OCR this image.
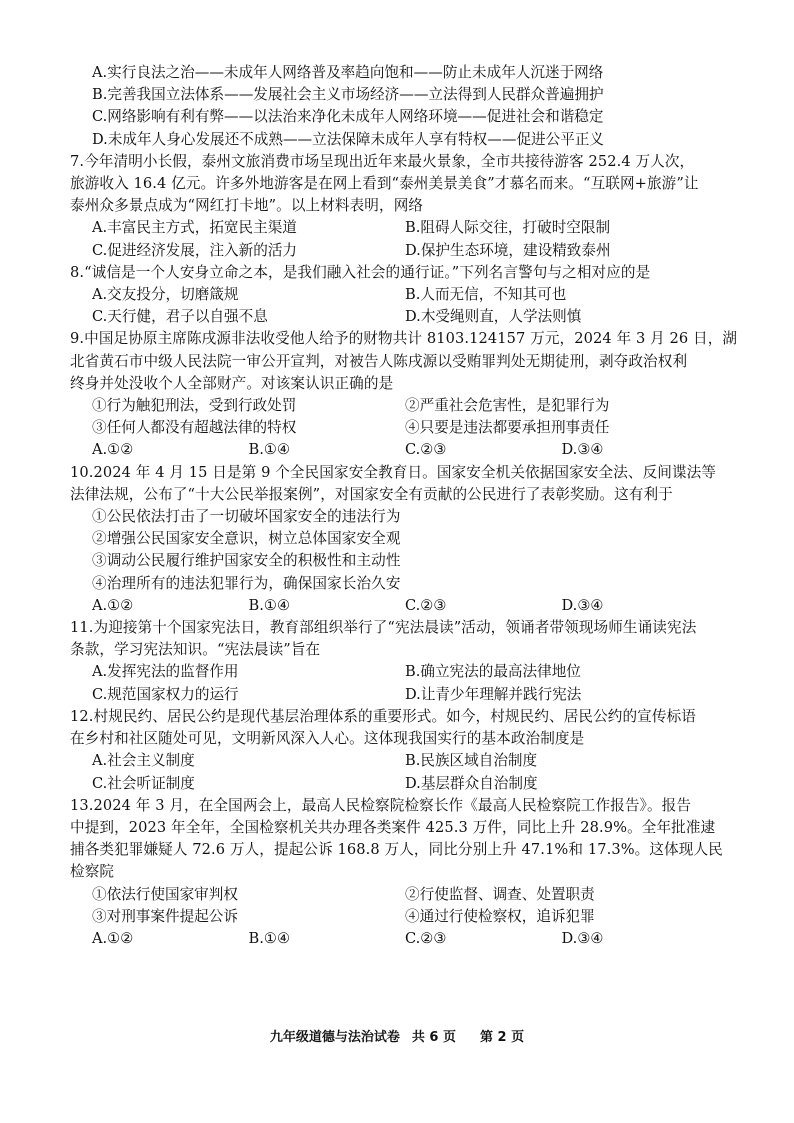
A.实行良法之治——未成年人网络普及率趋向饱和——防止未成年人沉迷于网络
B.完善我国立法体系——发展社会主义市场经济——立法得到人民群众普遍拥护
C.网络影响有利有弊——以法治来净化未成年人网络环境——促进社会和谐稳定
D.未成年人身心发展还不成熟——立法保障未成年人享有特权——促进公平正义
7.今年清明小长假，泰州文旅消费市场呈现出近年来最火景象，全市共接待游客 252.4 万人次，
旅游收入 16.4 亿元。许多外地游客是在网上看到“泰州美景美食”才慕名而来。“互联网+旅游”让
泰州众多景点成为“网红打卡地”。以上材料表明，网络
A.丰富民主方式，拓宽民主渠道	B.阻碍人际交往，打破时空限制
C.促进经济发展，注入新的活力	D.保护生态环境，建设精致泰州
8.“诚信是一个人安身立命之本，是我们融入社会的通行证。”下列名言警句与之相对应的是
A.交友投分，切磨箴规	B.人而无信，不知其可也
C.天行健，君子以自强不息	D.木受绳则直，人学法则慎
9.中国足协原主席陈戌源非法收受他人给予的财物共计 8103.124157 万元，2024 年 3 月 26 日，湖
北省黄石市中级人民法院一审公开宣判，对被告人陈戌源以受贿罪判处无期徒刑，剥夺政治权利
终身并处没收个人全部财产。对该案认识正确的是
①行为触犯刑法，受到行政处罚	②严重社会危害性，是犯罪行为
③任何人都没有超越法律的特权	④只要是违法都要承担刑事责任
A.①②	B.①④	C.②③	D.③④
10.2024 年 4 月 15 日是第 9 个全民国家安全教育日。国家安全机关依据国家安全法、反间谍法等
法律法规，公布了“十大公民举报案例”，对国家安全有贡献的公民进行了表彰奖励。这有利于
①公民依法打击了一切破坏国家安全的违法行为
②增强公民国家安全意识，树立总体国家安全观
③调动公民履行维护国家安全的积极性和主动性
④治理所有的违法犯罪行为，确保国家长治久安
A.①②	B.①④	C.②③	D.③④
11.为迎接第十个国家宪法日，教育部组织举行了“宪法晨读”活动，领诵者带领现场师生诵读宪法
条款，学习宪法知识。“宪法晨读”旨在
A.发挥宪法的监督作用	B.确立宪法的最高法律地位
C.规范国家权力的运行	D.让青少年理解并践行宪法
12.村规民约、居民公约是现代基层治理体系的重要形式。如今，村规民约、居民公约的宣传标语
在乡村和社区随处可见，文明新风深入人心。这体现我国实行的基本政治制度是
A.社会主义制度	B.民族区域自治制度
C.社会听证制度	D.基层群众自治制度
13.2024 年 3 月，在全国两会上，最高人民检察院检察长作《最高人民检察院工作报告》。报告
中提到，2023 年全年，全国检察机关共办理各类案件 425.3 万件，同比上升 28.9%。全年批准逮
捕各类犯罪嫌疑人 72.6 万人，提起公诉 168.8 万人，同比分别上升 47.1%和 17.3%。这体现人民
检察院
①依法行使国家审判权	②行使监督、调查、处置职责
③对刑事案件提起公诉	④通过行使检察权，追诉犯罪
A.①②	B.①④	C.②③	D.③④
九年级道德与法治试卷 共 6 页 第 2 页
